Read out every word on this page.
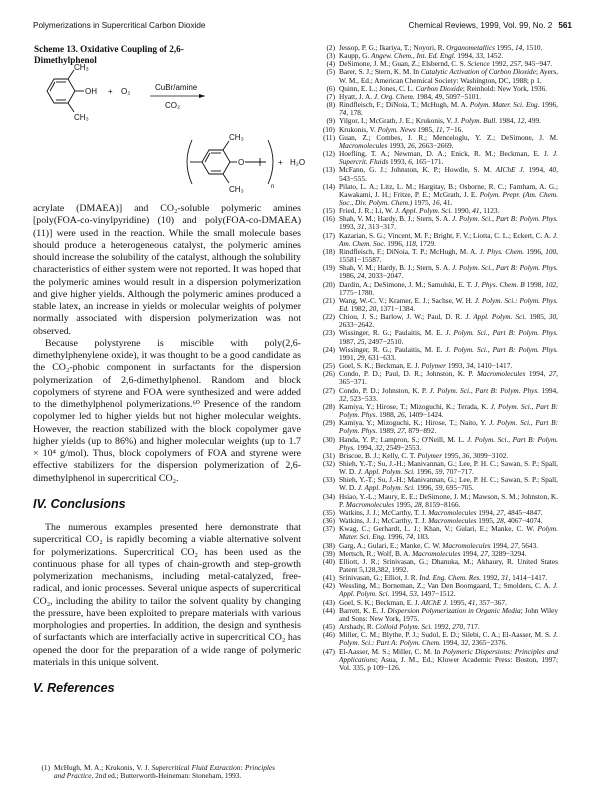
Polymerizations in Supercritical Carbon Dioxide	Chemical Reviews, 1999, Vol. 99, No. 2 561
Scheme 13. Oxidative Coupling of 2,6-Dimethylphenol
CH₃
CH₃
OH + O₂	CuBr/amine
CO₂
CH₃
CH₃
O
n
+ H₂O

acrylate (DMAEA)] and CO₂-soluble polymeric amines [poly(FOA-co-vinylpyridine) (10) and poly(FOA-co-DMAEA) (11)] were used in the reaction. While the small molecule bases should produce a heterogeneous catalyst, the polymeric amines should increase the solubility of the catalyst, although the solubility characteristics of either system were not reported. It was hoped that the polymeric amines would result in a dispersion polymerization and give higher yields. Although the polymeric amines produced a stable latex, an increase in yields or molecular weights of polymer normally associated with dispersion polymerization was not observed.

Because polystyrene is miscible with poly(2,6-dimethylphenylene oxide), it was thought to be a good candidate as the CO₂-phobic component in surfactants for the dispersion polymerization of 2,6-dimethylphenol. Random and block copolymers of styrene and FOA were synthesized and were added to the dimethylphenol polymerizations.⁶⁰ Presence of the random copolymer led to higher yields but not higher molecular weights. However, the reaction stabilized with the block copolymer gave higher yields (up to 86%) and higher molecular weights (up to 1.7 × 10⁴ g/mol). Thus, block copolymers of FOA and styrene were effective stabilizers for the dispersion polymerization of 2,6-dimethylphenol in supercritical CO₂.

IV. Conclusions

The numerous examples presented here demonstrate that supercritical CO₂ is rapidly becoming a viable alternative solvent for polymerizations. Supercritical CO₂ has been used as the continuous phase for all types of chain-growth and step-growth polymerization mechanisms, including metal-catalyzed, free-radical, and ionic processes. Several unique aspects of supercritical CO₂, including the ability to tailor the solvent quality by changing the pressure, have been exploited to prepare materials with various morphologies and properties. In addition, the design and synthesis of surfactants which are interfacially active in supercritical CO₂ has opened the door for the preparation of a wide range of polymeric materials in this unique solvent.

V. References
(1) McHugh, M. A.; Krukonis, V. J. Supercritical Fluid Extraction: Principles and Practice, 2nd ed.; Butterworth-Heineman: Stoneham, 1993.
(2) Jessop, P. G.; Ikariya, T.; Noyori, R. Organometallics 1995, 14, 1510.
(3) Kaupp, G. Angew. Chem., Int. Ed. Engl. 1994, 33, 1452.
(4) DeSimone, J. M.; Guan, Z.; Elsbernd, C. S. Science 1992, 257, 945−947.
(5) Barer, S. J.; Stern, K. M. In Catalytic Activation of Carbon Dioxide; Ayers, W. M., Ed.; American Chemical Society: Washington, DC, 1988; p 1.
(6) Quinn, E. L.; Jones, C. L. Carbon Dioxide; Reinhold: New York, 1936.
(7) Hyatt, J. A. J. Org. Chem. 1984, 49, 5097−5101.
(8) Rindfleisch, F.; DiNoia, T.; McHugh, M. A. Polym. Mater. Sci. Eng. 1996, 74, 178.
(9) Yilgor, I.; McGrath, J. E.; Krukonis, V. J. Polym. Bull. 1984, 12, 499.
(10) Krukonis, V. Polym. News 1985, 11, 7−16.
(11) Guan, Z.; Combes, J. R.; Menceloglu, Y. Z.; DeSimone, J. M. Macromolecules 1993, 26, 2663−2669.
(12) Hoefling, T. A.; Newman, D. A.; Enick, R. M.; Beckman, E. J. J. Supercrit. Fluids 1993, 6, 165−171.
(13) McFann, G. J.; Johnston, K. P.; Howdle, S. M. AIChE J. 1994, 40, 543−555.
(14) Pilato, L. A.; Litz, L. M.; Hargitay, B.; Osborne, R. C.; Farnham, A. G.; Kawakami, J. H.; Fritze, P. E.; McGrath, J. E. Polym. Prepr. (Am. Chem. Soc., Div. Polym. Chem.) 1975, 16, 41.
(15) Fried, J. R.; Li, W. J. Appl. Polym. Sci. 1990, 41, 1123.
(16) Shah, V. M.; Hardy, B. J.; Stern, S. A. J. Polym. Sci., Part B: Polym. Phys. 1993, 31, 313−317.
(17) Kazarian, S. G.; Vincent, M. F.; Bright, F. V.; Liotta, C. L.; Eckert, C. A. J. Am. Chem. Soc. 1996, 118, 1729.
(18) Rindfleisch, F.; DiNoia, T. P.; McHugh, M. A. J. Phys. Chem. 1996, 100, 15581−15587.
(19) Shah, V. M.; Hardy, B. J.; Stern, S. A. J. Polym. Sci., Part B: Polym. Phys. 1986, 24, 2033−2047.
(20) Dardin, A.; DeSimone, J. M.; Samulski, E. T. J. Phys. Chem. B 1998, 102, 1775−1780.
(21) Wang, W.-C. V.; Kramer, E. J.; Sachse, W. H. J. Polym. Sci.: Polym. Phys. Ed. 1982, 20, 1371−1384.
(22) Chiou, J. S.; Barlow, J. W.; Paul, D. R. J. Appl. Polym. Sci. 1985, 30, 2633−2642.
(23) Wissinger, R. G.; Paulaitis, M. E. J. Polym. Sci., Part B: Polym. Phys. 1987, 25, 2497−2510.
(24) Wissinger, R. G.; Paulaitis, M. E. J. Polym. Sci., Part B: Polym. Phys. 1991, 29, 631−633.
(25) Goel, S. K.; Beckman, E. J. Polymer 1993, 34, 1410−1417.
(26) Condo, P. D.; Paul, D. R.; Johnston, K. P. Macromolecules 1994, 27, 365−371.
(27) Condo, P. D.; Johnston, K. P. J. Polym. Sci., Part B: Polym. Phys. 1994, 32, 523−533.
(28) Kamiya, Y.; Hirose, T.; Mizoguchi, K.; Terada, K. J. Polym. Sci., Part B: Polym. Phys. 1988, 26, 1409−1424.
(29) Kamiya, Y.; Mizoguchi, K.; Hirose, T.; Naito, Y. J. Polym. Sci., Part B: Polym. Phys. 1989, 27, 879−892.
(30) Handa, Y. P.; Lampron, S.; O'Neill, M. L. J. Polym. Sci., Part B: Polym. Phys. 1994, 32, 2549−2553.
(31) Briscoe, B. J.; Kelly, C. T. Polymer 1995, 36, 3099−3102.
(32) Shieh, Y.-T.; Su, J.-H.; Manivannan, G.; Lee, P. H. C.; Sawan, S. P.; Spall, W. D. J. Appl. Polym. Sci. 1996, 59, 707−717.
(33) Shieh, Y.-T.; Su, J.-H.; Manivannan, G.; Lee, P. H. C.; Sawan, S. P.; Spall, W. D. J. Appl. Polym. Sci. 1996, 59, 695−705.
(34) Hsiao, Y.-L.; Maury, E. E.; DeSimone, J. M.; Mawson, S. M.; Johnston, K. P. Macromolecules 1995, 28, 8159−8166.
(35) Watkins, J. J.; McCarthy, T. J. Macromolecules 1994, 27, 4845−4847.
(36) Watkins, J. J.; McCarthy, T. J. Macromolecules 1995, 28, 4067−4074.
(37) Kwag, C.; Gerhardt, L. J.; Khan, V.; Gulari, E.; Manke, C. W. Polym. Mater. Sci. Eng. 1996, 74, 183.
(38) Garg, A.; Gulari, E.; Manke, C. W. Macromolecules 1994, 27, 5643.
(39) Mertsch, R.; Wolf, B. A. Macromolecules 1994, 27, 3289−3294.
(40) Elliott, J. R.; Srinivasan, G.; Dhanuka, M.; Akhaury, R. United States Patent 5,128,382, 1992.
(41) Srinivasan, G.; Elliot, J. R. Ind. Eng. Chem. Res. 1992, 31, 1414−1417.
(42) Wessling, M.; Borneman, Z.; Van Den Boomgaard, T.; Smolders, C. A. J. Appl. Polym. Sci. 1994, 53, 1497−1512.
(43) Goel, S. K.; Beckman, E. J. AIChE J. 1995, 41, 357−367.
(44) Barrett, K. E. J. Dispersion Polymerization in Organic Media; John Wiley and Sons: New York, 1975.
(45) Arshady, R. Colloid Polym. Sci. 1992, 270, 717.
(46) Miller, C. M.; Blythe, P. J.; Sudol, E. D.; Silebi, C. A.; El-Aasser, M. S. J. Polym. Sci.: Part A: Polym. Chem. 1994, 32, 2365−2376.
(47) El-Aasser, M. S.; Miller, C. M. In Polymeric Dispersions: Principles and Applications; Asua, J. M., Ed.; Kluwer Academic Press: Boston, 1997; Vol. 335, p 109−126.
